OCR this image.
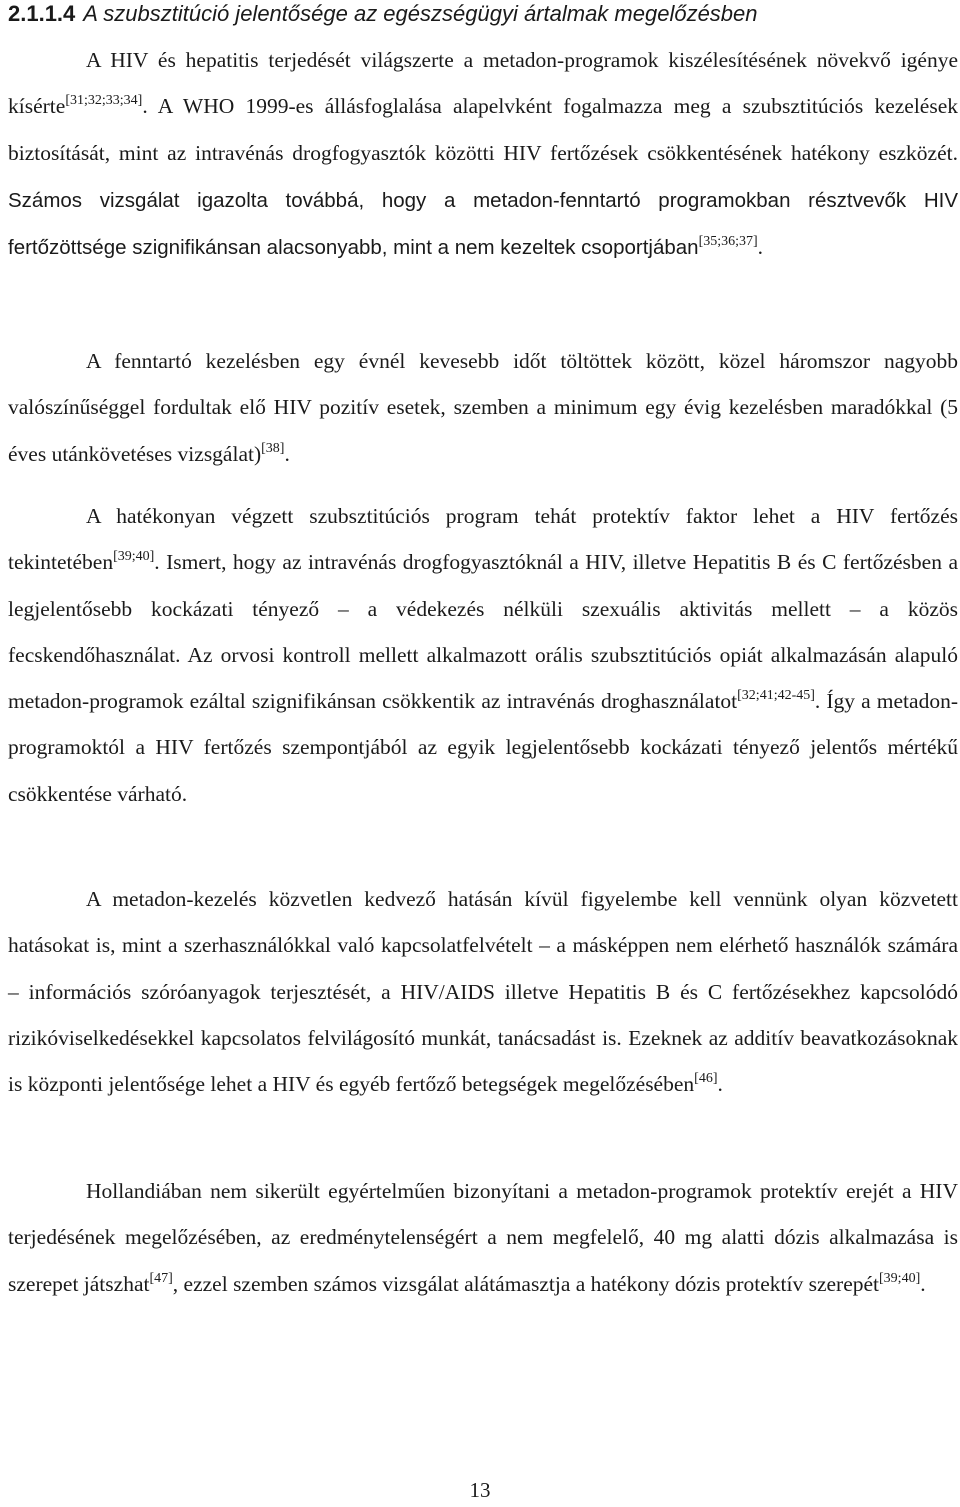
2.1.1.4 A szubsztitúció jelentősége az egészségügyi ártalmak megelőzésben

A HIV és hepatitis terjedését világszerte a metadon-programok kiszélesítésének növekvő igénye kísérte[31;32;33;34]. A WHO 1999-es állásfoglalása alapelvként fogalmazza meg a szubsztitúciós kezelések biztosítását, mint az intravénás drogfogyasztók közötti HIV fertőzések csökkentésének hatékony eszközét. Számos vizsgálat igazolta továbbá, hogy a metadon-fenntartó programokban résztvevők HIV fertőzöttsége szignifikánsan alacsonyabb, mint a nem kezeltek csoportjában[35;36;37].

A fenntartó kezelésben egy évnél kevesebb időt töltöttek között, közel háromszor nagyobb valószínűséggel fordultak elő HIV pozitív esetek, szemben a minimum egy évig kezelésben maradókkal (5 éves utánkövetéses vizsgálat)[38].

A hatékonyan végzett szubsztitúciós program tehát protektív faktor lehet a HIV fertőzés tekintetében[39;40]. Ismert, hogy az intravénás drogfogyasztóknál a HIV, illetve Hepatitis B és C fertőzésben a legjelentősebb kockázati tényező – a védekezés nélküli szexuális aktivitás mellett – a közös fecskendőhasználat. Az orvosi kontroll mellett alkalmazott orális szubsztitúciós opiát alkalmazásán alapuló metadon-programok ezáltal szignifikánsan csökkentik az intravénás droghasználatot[32;41;42-45]. Így a metadon-programoktól a HIV fertőzés szempontjából az egyik legjelentősebb kockázati tényező jelentős mértékű csökkentése várható.

A metadon-kezelés közvetlen kedvező hatásán kívül figyelembe kell vennünk olyan közvetett hatásokat is, mint a szerhasználókkal való kapcsolatfelvételt – a másképpen nem elérhető használók számára – információs szóróanyagok terjesztését, a HIV/AIDS illetve Hepatitis B és C fertőzésekhez kapcsolódó rizikóviselkedésekkel kapcsolatos felvilágosító munkát, tanácsadást is. Ezeknek az additív beavatkozásoknak is központi jelentősége lehet a HIV és egyéb fertőző betegségek megelőzésében[46].

Hollandiában nem sikerült egyértelműen bizonyítani a metadon-programok protektív erejét a HIV terjedésének megelőzésében, az eredménytelenségért a nem megfelelő, 40 mg alatti dózis alkalmazása is szerepet játszhat[47], ezzel szemben számos vizsgálat alátámasztja a hatékony dózis protektív szerepét[39;40].

13
